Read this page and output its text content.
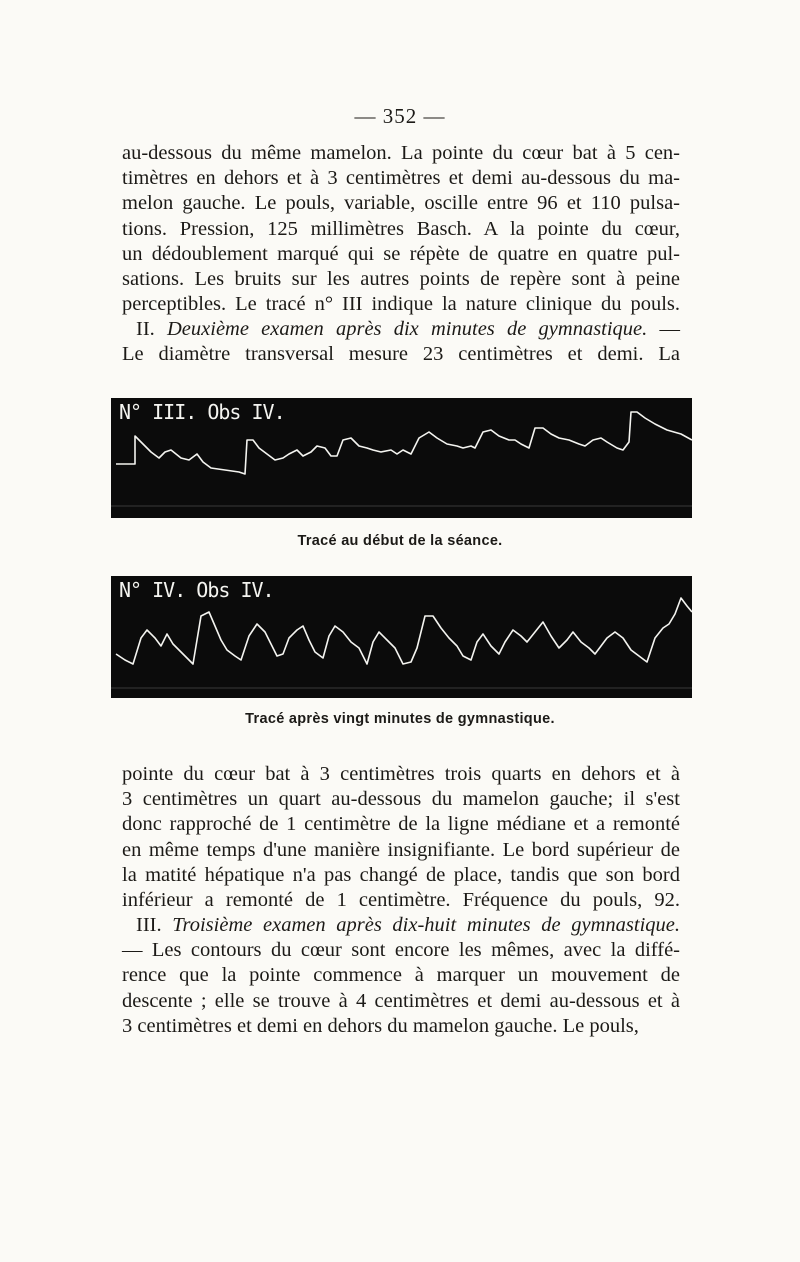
— 352 —
au-dessous du même mamelon. La pointe du cœur bat à 5 cen-
timètres en dehors et à 3 centimètres et demi au-dessous du ma-
melon gauche. Le pouls, variable, oscille entre 96 et 110 pulsa-
tions. Pression, 125 millimètres Basch. A la pointe du cœur,
un dédoublement marqué qui se répète de quatre en quatre pul-
sations. Les bruits sur les autres points de repère sont à peine
perceptibles. Le tracé n° III indique la nature clinique du pouls.
II. Deuxième examen après dix minutes de gymnastique. —
Le diamètre transversal mesure 23 centimètres et demi. La
N° III. Obs IV.
Tracé au début de la séance.
N° IV. Obs IV.
Tracé après vingt minutes de gymnastique.
pointe du cœur bat à 3 centimètres trois quarts en dehors et à
3 centimètres un quart au-dessous du mamelon gauche; il s'est
donc rapproché de 1 centimètre de la ligne médiane et a remonté
en même temps d'une manière insignifiante. Le bord supérieur de
la matité hépatique n'a pas changé de place, tandis que son bord
inférieur a remonté de 1 centimètre. Fréquence du pouls, 92.
III. Troisième examen après dix-huit minutes de gymnastique.
— Les contours du cœur sont encore les mêmes, avec la diffé-
rence que la pointe commence à marquer un mouvement de
descente ; elle se trouve à 4 centimètres et demi au-dessous et à
3 centimètres et demi en dehors du mamelon gauche. Le pouls,
